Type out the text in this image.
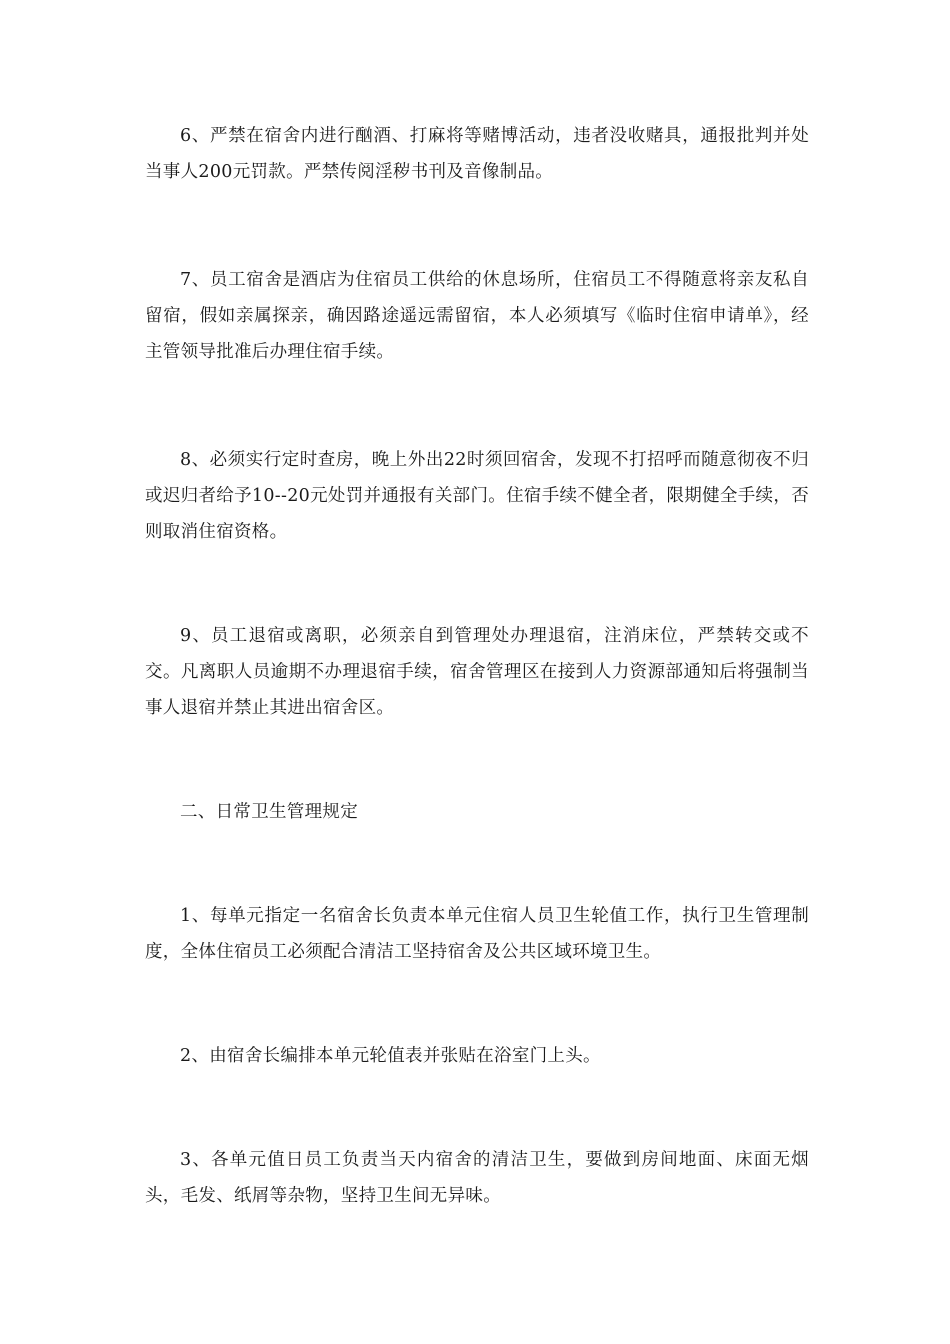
6、严禁在宿舍内进行酗酒、打麻将等赌博活动，违者没收赌具，通报批判并处当事人200元罚款。严禁传阅淫秽书刊及音像制品。

7、员工宿舍是酒店为住宿员工供给的休息场所，住宿员工不得随意将亲友私自留宿，假如亲属探亲，确因路途遥远需留宿，本人必须填写《临时住宿申请单》，经主管领导批准后办理住宿手续。

8、必须实行定时查房，晚上外出22时须回宿舍，发现不打招呼而随意彻夜不归或迟归者给予10--20元处罚并通报有关部门。住宿手续不健全者，限期健全手续，否则取消住宿资格。

9、员工退宿或离职，必须亲自到管理处办理退宿，注消床位，严禁转交或不交。凡离职人员逾期不办理退宿手续，宿舍管理区在接到人力资源部通知后将强制当事人退宿并禁止其进出宿舍区。

二、日常卫生管理规定

1、每单元指定一名宿舍长负责本单元住宿人员卫生轮值工作，执行卫生管理制度，全体住宿员工必须配合清洁工坚持宿舍及公共区域环境卫生。

2、由宿舍长编排本单元轮值表并张贴在浴室门上头。

3、各单元值日员工负责当天内宿舍的清洁卫生，要做到房间地面、床面无烟头，毛发、纸屑等杂物，坚持卫生间无异味。
